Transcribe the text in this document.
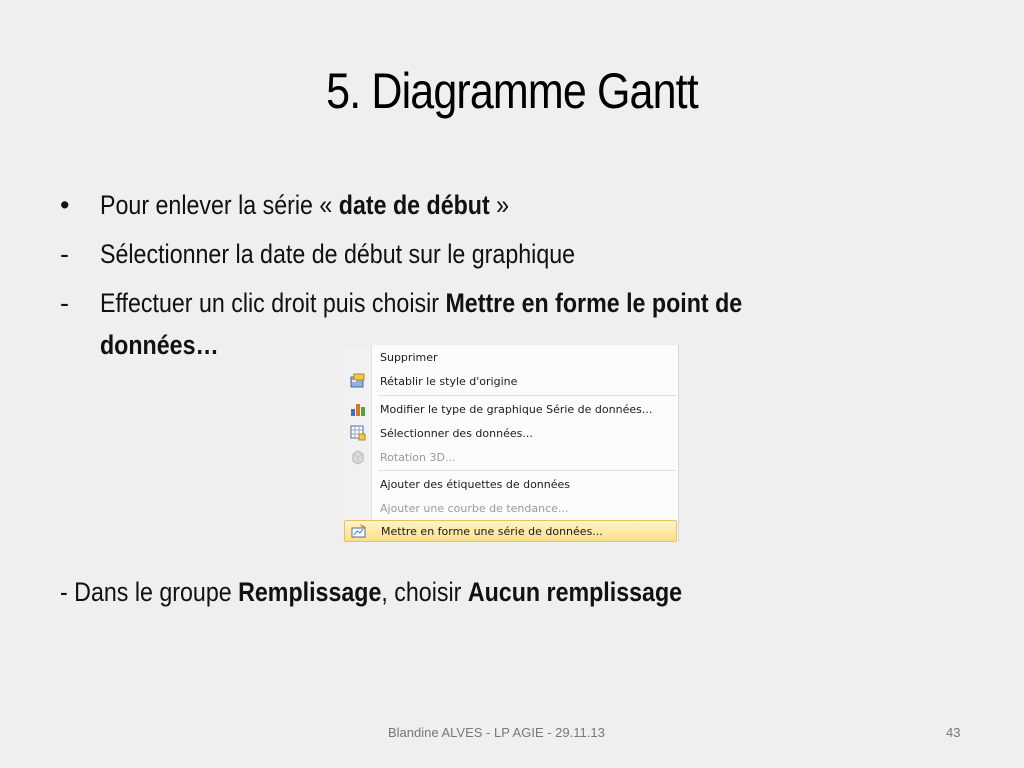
5. Diagramme Gantt
•	Pour enlever la série « date de début »
-	Sélectionner la date de début sur le graphique
-	Effectuer un clic droit puis choisir Mettre en forme le point de
données…	Supprimer
Rétablir le style d'origine
Modifier le type de graphique Série de données...
Sélectionner des données...
Rotation 3D...
Ajouter des étiquettes de données
Ajouter une courbe de tendance...
Mettre en forme une série de données...
- Dans le groupe Remplissage, choisir Aucun remplissage
Blandine ALVES - LP AGIE - 29.11.13	43
